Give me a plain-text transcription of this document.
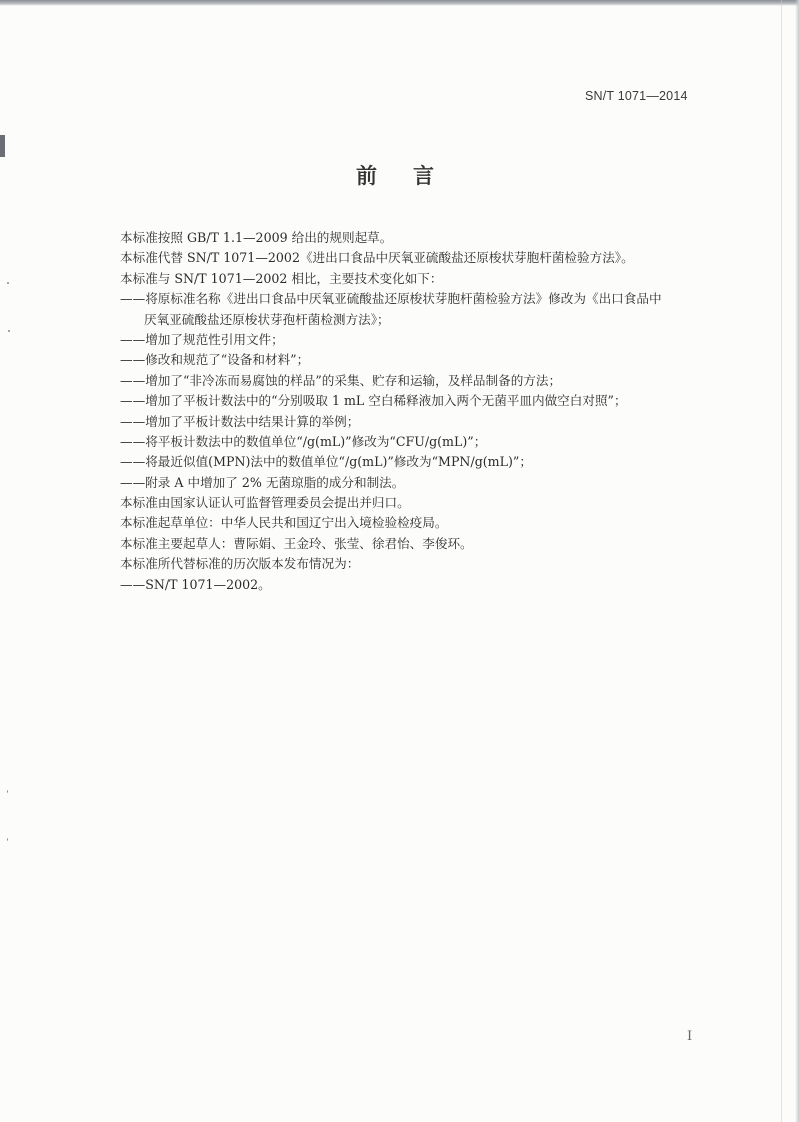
SN/T 1071—2014
前言
本标准按照 GB/T 1.1—2009 给出的规则起草。
本标准代替 SN/T 1071—2002《进出口食品中厌氧亚硫酸盐还原梭状芽胞杆菌检验方法》。
本标准与 SN/T 1071—2002 相比，主要技术变化如下：
——将原标准名称《进出口食品中厌氧亚硫酸盐还原梭状芽胞杆菌检验方法》修改为《出口食品中
厌氧亚硫酸盐还原梭状芽孢杆菌检测方法》；
——增加了规范性引用文件；
——修改和规范了“设备和材料”；
——增加了“非冷冻而易腐蚀的样品”的采集、贮存和运输，及样品制备的方法；
——增加了平板计数法中的“分别吸取 1 mL 空白稀释液加入两个无菌平皿内做空白对照”；
——增加了平板计数法中结果计算的举例；
——将平板计数法中的数值单位“/g(mL)”修改为“CFU/g(mL)”；
——将最近似值(MPN)法中的数值单位“/g(mL)”修改为“MPN/g(mL)”；
——附录 A 中增加了 2% 无菌琼脂的成分和制法。
本标准由国家认证认可监督管理委员会提出并归口。
本标准起草单位：中华人民共和国辽宁出入境检验检疫局。
本标准主要起草人：曹际娟、王金玲、张莹、徐君怡、李俊环。
本标准所代替标准的历次版本发布情况为：
——SN/T 1071—2002。
I
